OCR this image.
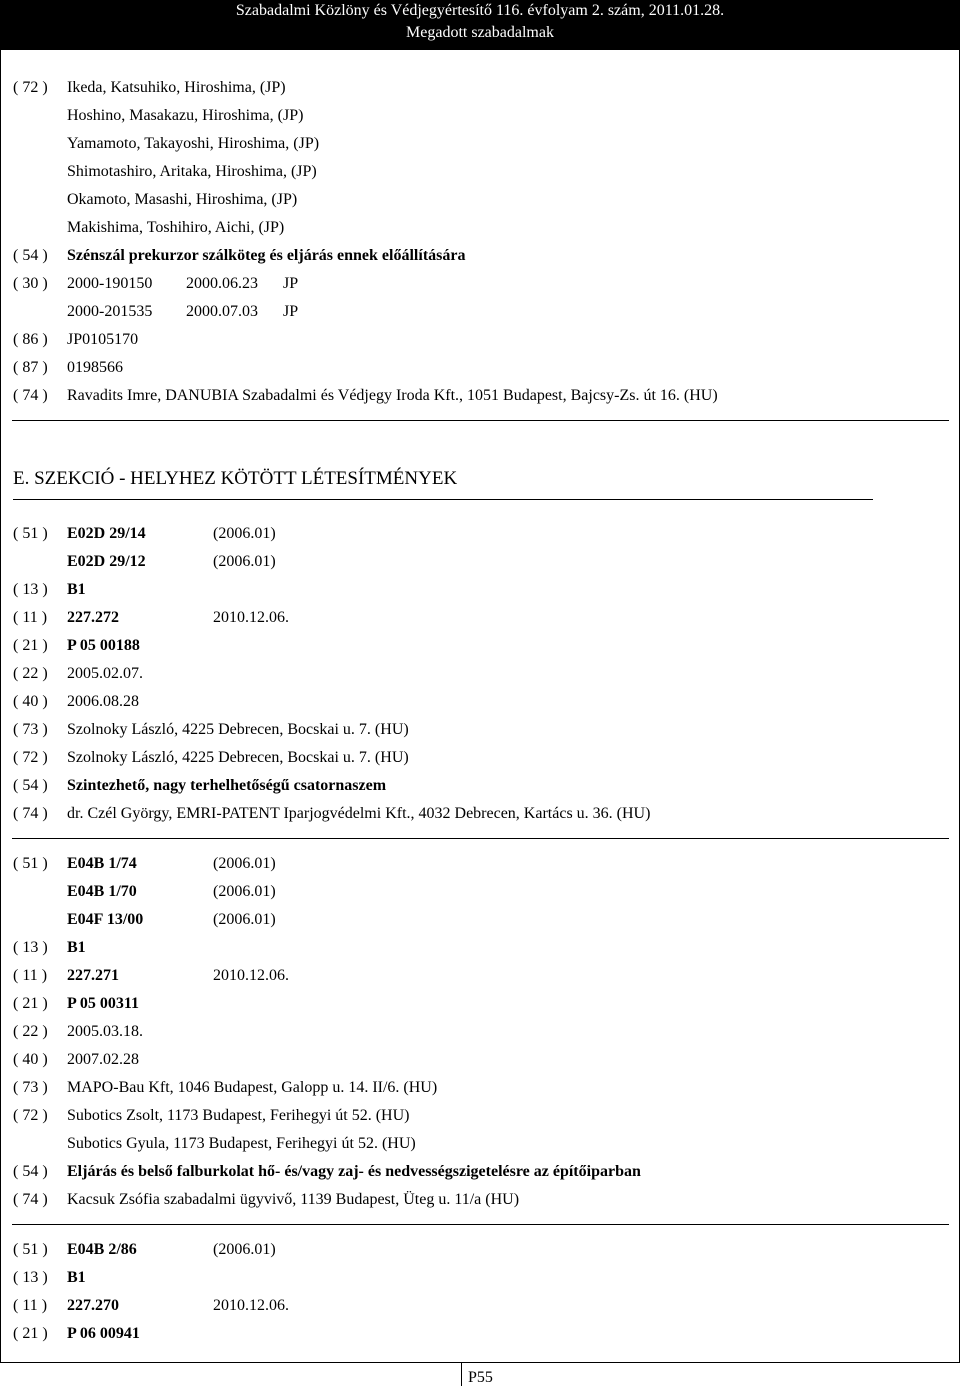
Szabadalmi Közlöny és Védjegyértesítő 116. évfolyam 2. szám, 2011.01.28.
Megadott szabadalmak
( 72 )	Ikeda, Katsuhiko, Hiroshima, (JP)
Hoshino, Masakazu, Hiroshima, (JP)
Yamamoto, Takayoshi, Hiroshima, (JP)
Shimotashiro, Aritaka, Hiroshima, (JP)
Okamoto, Masashi, Hiroshima, (JP)
Makishima, Toshihiro, Aichi, (JP)
( 54 )	Szénszál prekurzor szálköteg és eljárás ennek előállítására
( 30 )	2000-190150 2000.06.23 JP
2000-201535 2000.07.03 JP
( 86 )	JP0105170
( 87 )	0198566
( 74 )	Ravadits Imre, DANUBIA Szabadalmi és Védjegy Iroda Kft., 1051 Budapest, Bajcsy-Zs. út 16. (HU)
E. SZEKCIÓ - HELYHEZ KÖTÖTT LÉTESÍTMÉNYEK
( 51 )	E02D 29/14	(2006.01)
E02D 29/12	(2006.01)
( 13 )	B1
( 11 )	227.272	2010.12.06.
( 21 )	P 05 00188
( 22 )	2005.02.07.
( 40 )	2006.08.28
( 73 )	Szolnoky László, 4225 Debrecen, Bocskai u. 7. (HU)
( 72 )	Szolnoky László, 4225 Debrecen, Bocskai u. 7. (HU)
( 54 )	Szintezhető, nagy terhelhetőségű csatornaszem
( 74 )	dr. Czél György, EMRI-PATENT Iparjogvédelmi Kft., 4032 Debrecen, Kartács u. 36. (HU)
( 51 )	E04B 1/74	(2006.01)
E04B 1/70	(2006.01)
E04F 13/00	(2006.01)
( 13 )	B1
( 11 )	227.271	2010.12.06.
( 21 )	P 05 00311
( 22 )	2005.03.18.
( 40 )	2007.02.28
( 73 )	MAPO-Bau Kft, 1046 Budapest, Galopp u. 14. II/6. (HU)
( 72 )	Subotics Zsolt, 1173 Budapest, Ferihegyi út 52. (HU)
Subotics Gyula, 1173 Budapest, Ferihegyi út 52. (HU)
( 54 )	Eljárás és belső falburkolat hő- és/vagy zaj- és nedvességszigetelésre az építőiparban
( 74 )	Kacsuk Zsófia szabadalmi ügyvivő, 1139 Budapest, Üteg u. 11/a (HU)
( 51 )	E04B 2/86	(2006.01)
( 13 )	B1
( 11 )	227.270	2010.12.06.
( 21 )	P 06 00941
P55
